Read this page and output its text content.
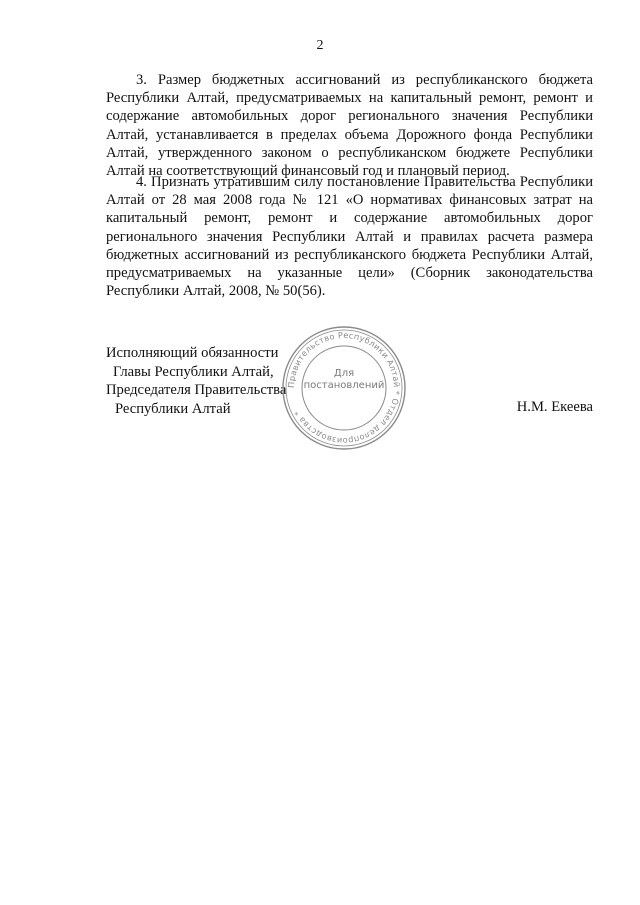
2

3. Размер бюджетных ассигнований из республиканского бюджета Республики Алтай, предусматриваемых на капитальный ремонт, ремонт и содержание автомобильных дорог регионального значения Республики Алтай, устанавливается в пределах объема Дорожного фонда Республики Алтай, утвержденного законом о республиканском бюджете Республики Алтай на соответствующий финансовый год и плановый период.

4. Признать утратившим силу постановление Правительства Республики Алтай от 28 мая 2008 года № 121 «О нормативах финансовых затрат на капитальный ремонт, ремонт и содержание автомобильных дорог регионального значения Республики Алтай и правилах расчета размера бюджетных ассигнований из республиканского бюджета Республики Алтай, предусматриваемых на указанные цели» (Сборник законодательства Республики Алтай, 2008, № 50(56).

Исполняющий обязанности
Главы Республики Алтай,
Председателя Правительства
Республики Алтай
Правительство Республики Алтай * Отдел делопроизводства *
Для
постановлений
Н.М. Екеева
